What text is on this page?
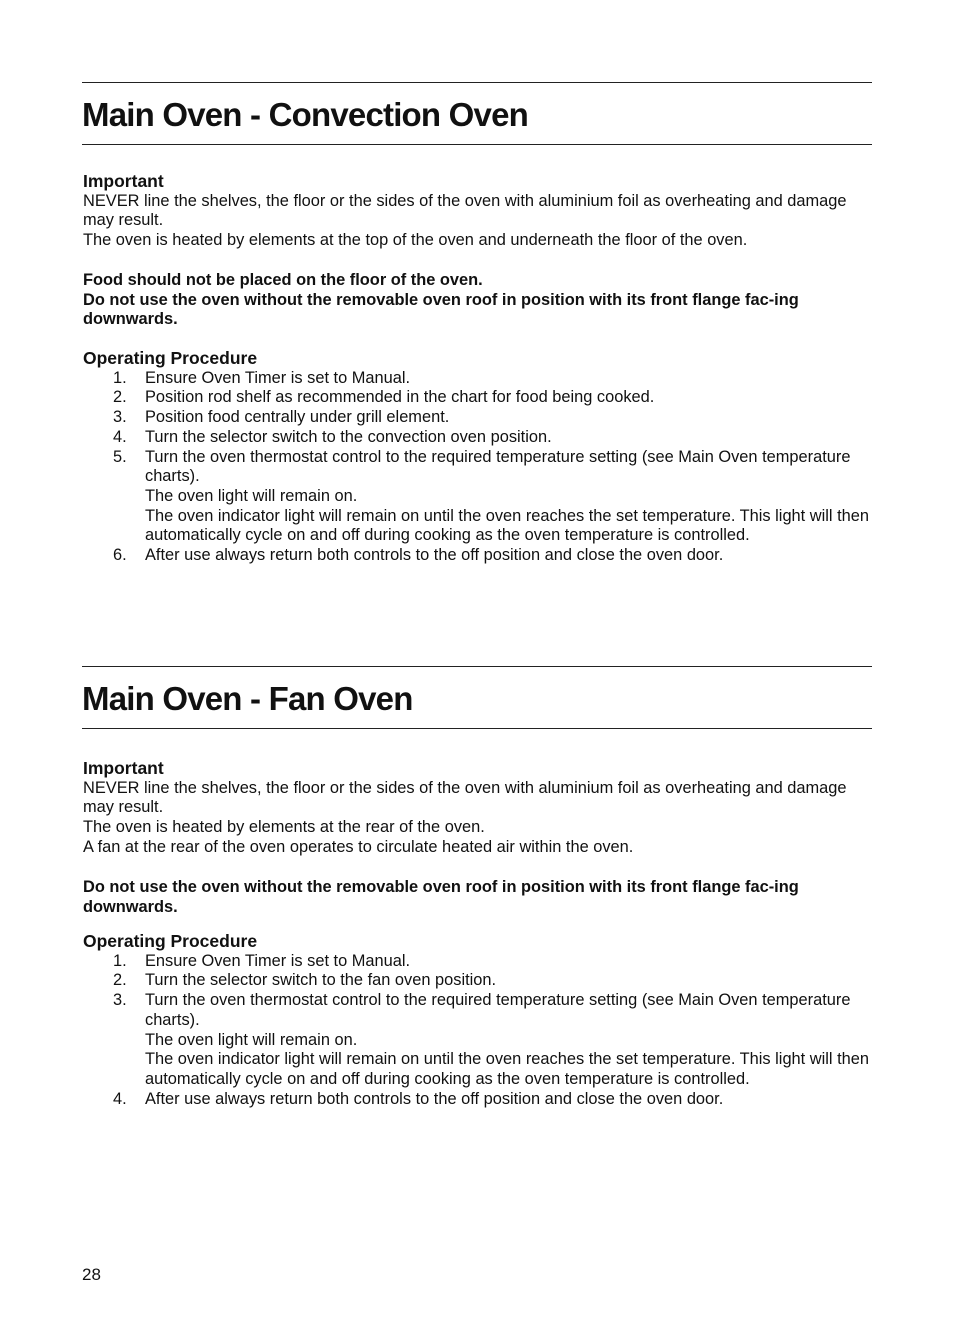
Main Oven - Convection Oven

Important

NEVER line the shelves, the floor or the sides of the oven with aluminium foil as overheating and damage may result.

The oven is heated by elements at the top of the oven and underneath the floor of the oven.

Food should not be placed on the floor of the oven.

Do not use the oven without the removable oven roof in position with its front flange fac-ing downwards.

Operating Procedure

1.	Ensure Oven Timer is set to Manual.
2.	Position rod shelf as recommended in the chart for food being cooked.
3.	Position food centrally under grill element.
4.	Turn the selector switch to the convection oven position.
5.	Turn the oven thermostat control to the required temperature setting (see Main Oven temperature charts).

The oven light will remain on.

The oven indicator light will remain on until the oven reaches the set temperature. This light will then automatically cycle on and off during cooking as the oven temperature is controlled.

6.	After use always return both controls to the off position and close the oven door.
Main Oven - Fan Oven

Important

NEVER line the shelves, the floor or the sides of the oven with aluminium foil as overheating and damage may result.

The oven is heated by elements at the rear of the oven.

A fan at the rear of the oven operates to circulate heated air within the oven.

Do not use the oven without the removable oven roof in position with its front flange fac-ing downwards.

Operating Procedure

1.	Ensure Oven Timer is set to Manual.
2.	Turn the selector switch to the fan oven position.
3.	Turn the oven thermostat control to the required temperature setting (see Main Oven temperature charts).

The oven light will remain on.

The oven indicator light will remain on until the oven reaches the set temperature. This light will then automatically cycle on and off during cooking as the oven temperature is controlled.

4.	After use always return both controls to the off position and close the oven door.
28
